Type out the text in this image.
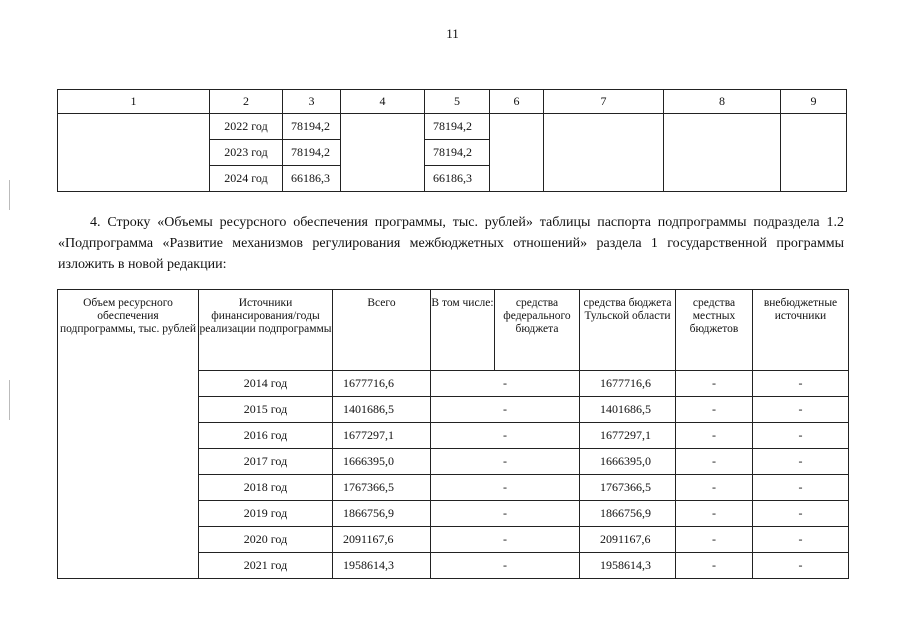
11
1	2	3	4	5	6	7	8	9
	2022 год	78194,2		78194,2				
	2023 год	78194,2		78194,2				
	2024 год	66186,3		66186,3				

4. Строку «Объемы ресурсного обеспечения программы, тыс. рублей» таблицы паспорта подпрограммы подраздела 1.2 «Подпрограмма «Развитие механизмов регулирования межбюджетных отношений» раздела 1 государственной программы изложить в новой редакции:

Объем ресурсного обеспечения подпрограммы, тыс. рублей	Источники финансирования/годы реализации подпрограммы	Всего	В том числе:	средства федерального бюджета	средства бюджета Тульской области	средства местных бюджетов	внебюджетные источники
	2014 год	1677716,6	-		1677716,6	-	-
	2015 год	1401686,5	-		1401686,5	-	-
	2016 год	1677297,1	-		1677297,1	-	-
	2017 год	1666395,0	-		1666395,0	-	-
	2018 год	1767366,5	-		1767366,5	-	-
	2019 год	1866756,9	-		1866756,9	-	-
	2020 год	2091167,6	-		2091167,6	-	-
	2021 год	1958614,3	-		1958614,3	-	-
